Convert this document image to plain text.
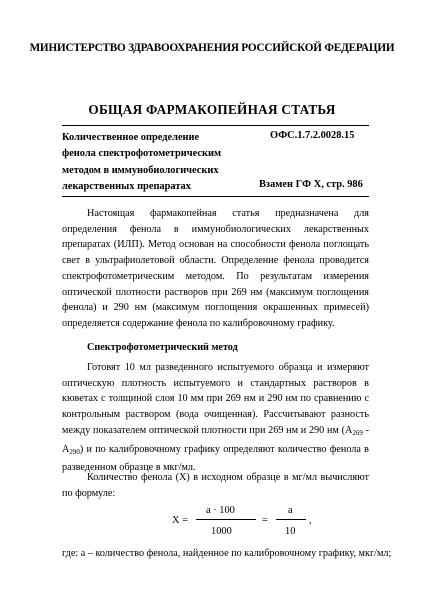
МИНИСТЕРСТВО ЗДРАВООХРАНЕНИЯ РОССИЙСКОЙ ФЕДЕРАЦИИ
ОБЩАЯ ФАРМАКОПЕЙНАЯ СТАТЬЯ
Количественное определение
фенола спектрофотометрическим
методом в иммунобиологических
лекарственных препаратах
ОФС.1.7.2.0028.15
Взамен ГФ X, стр. 986

Настоящая фармакопейная статья предназначена для определения фенола в иммунобиологических лекарственных препаратах (ИЛП). Метод основан на способности фенола поглощать свет в ультрафиолетовой области. Определение фенола проводится спектрофотометрическим методом. По результатам измерения оптической плотности растворов при 269 нм (максимум поглощения фенола) и 290 нм (максимум поглощения окрашенных примесей) определяется содержание фенола по калибровочному графику.

Спектрофотометрический метод

Готовят 10 мл разведенного испытуемого образца и измеряют оптическую плотность испытуемого и стандартных растворов в кюветах с толщиной слоя 10 мм при 269 нм и 290 нм по сравнению с контрольным раствором (вода очищенная). Рассчитывают разность между показателем оптической плотности при 269 нм и 290 нм $(A_{269} - A_{290})$ и по калибровочному графику определяют количество фенола в разведенном образце в мкг/мл.

Количество фенола (X) в исходном образце в мг/мл вычисляют по формуле:

X =
a · 100
1000
=
a
10
,
где: a – количество фенола, найденное по калибровочному графику, мкг/мл;
